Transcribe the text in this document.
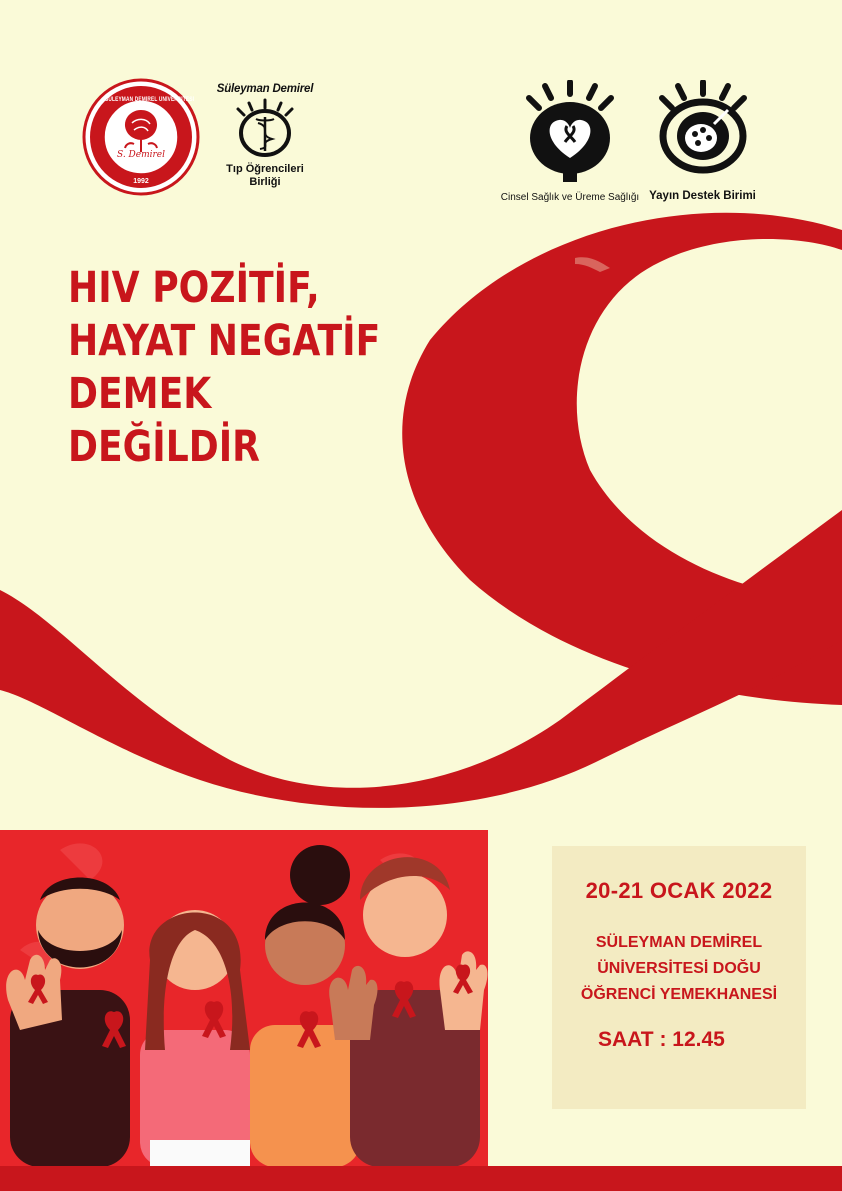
S. Demirel
1992
SÜLEYMAN DEMİREL ÜNİVERSİTESİ
Süleyman Demirel
Tıp Öğrencileri
Birliği
Cinsel Sağlık ve Üreme Sağlığı Yayın Destek Birimi
HIV POZİTİF,
HAYAT NEGATİF
DEMEK
DEĞİLDİR
20-21 OCAK 2022
SÜLEYMAN DEMİREL
ÜNİVERSİTESİ DOĞU
ÖĞRENCİ YEMEKHANESİ
SAAT : 12.45
